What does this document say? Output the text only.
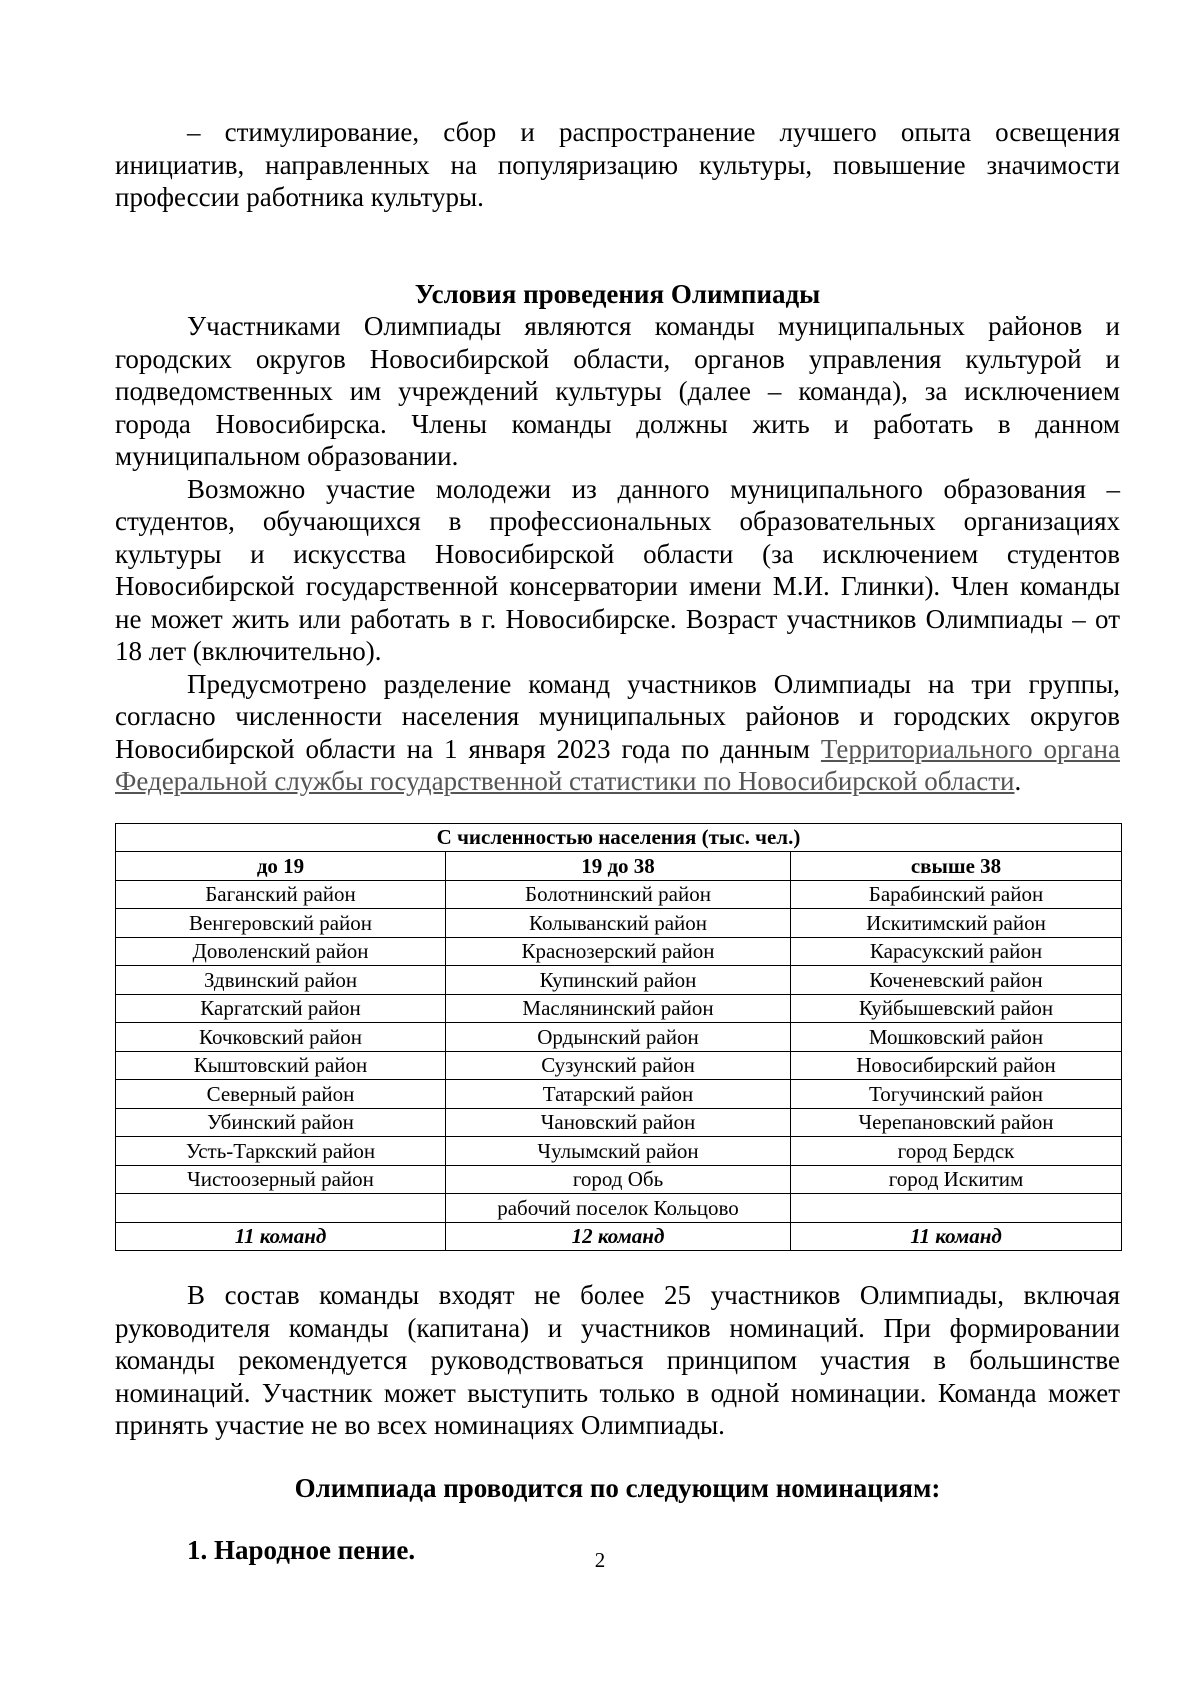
– стимулирование, сбор и распространение лучшего опыта освещения

инициатив, направленных на популяризацию культуры, повышение значимости

профессии работника культуры.

Условия проведения Олимпиады

Участниками Олимпиады являются команды муниципальных районов и городских округов Новосибирской области, органов управления культурой и подведомственных им учреждений культуры (далее – команда), за исключением города Новосибирска. Члены команды должны жить и работать в данном муниципальном образовании.

Возможно участие молодежи из данного муниципального образования – студентов, обучающихся в профессиональных образовательных организациях культуры и искусства Новосибирской области (за исключением студентов Новосибирской государственной консерватории имени М.И. Глинки). Член команды не может жить или работать в г. Новосибирске. Возраст участников Олимпиады – от 18 лет (включительно).

Предусмотрено разделение команд участников Олимпиады на три группы, согласно численности населения муниципальных районов и городских округов Новосибирской области на 1 января 2023 года по данным Территориального органа Федеральной службы государственной статистики по Новосибирской области.

С численностью населения (тыс. чел.)		
до 19	19 до 38	свыше 38
Баганский район	Болотнинский район	Барабинский район
Венгеровский район	Колыванский район	Искитимский район
Доволенский район	Краснозерский район	Карасукский район
Здвинский район	Купинский район	Коченевский район
Каргатский район	Маслянинский район	Куйбышевский район
Кочковский район	Ордынский район	Мошковский район
Кыштовский район	Сузунский район	Новосибирский район
Северный район	Татарский район	Тогучинский район
Убинский район	Чановский район	Черепановский район
Усть-Таркский район	Чулымский район	город Бердск
Чистоозерный район	город Обь	город Искитим
	рабочий поселок Кольцово	
11 команд	12 команд	11 команд

В состав команды входят не более 25 участников Олимпиады, включая руководителя команды (капитана) и участников номинаций. При формировании команды рекомендуется руководствоваться принципом участия в большинстве номинаций. Участник может выступить только в одной номинации. Команда может принять участие не во всех номинациях Олимпиады.

Олимпиада проводится по следующим номинациям:

1. Народное пение.	2
